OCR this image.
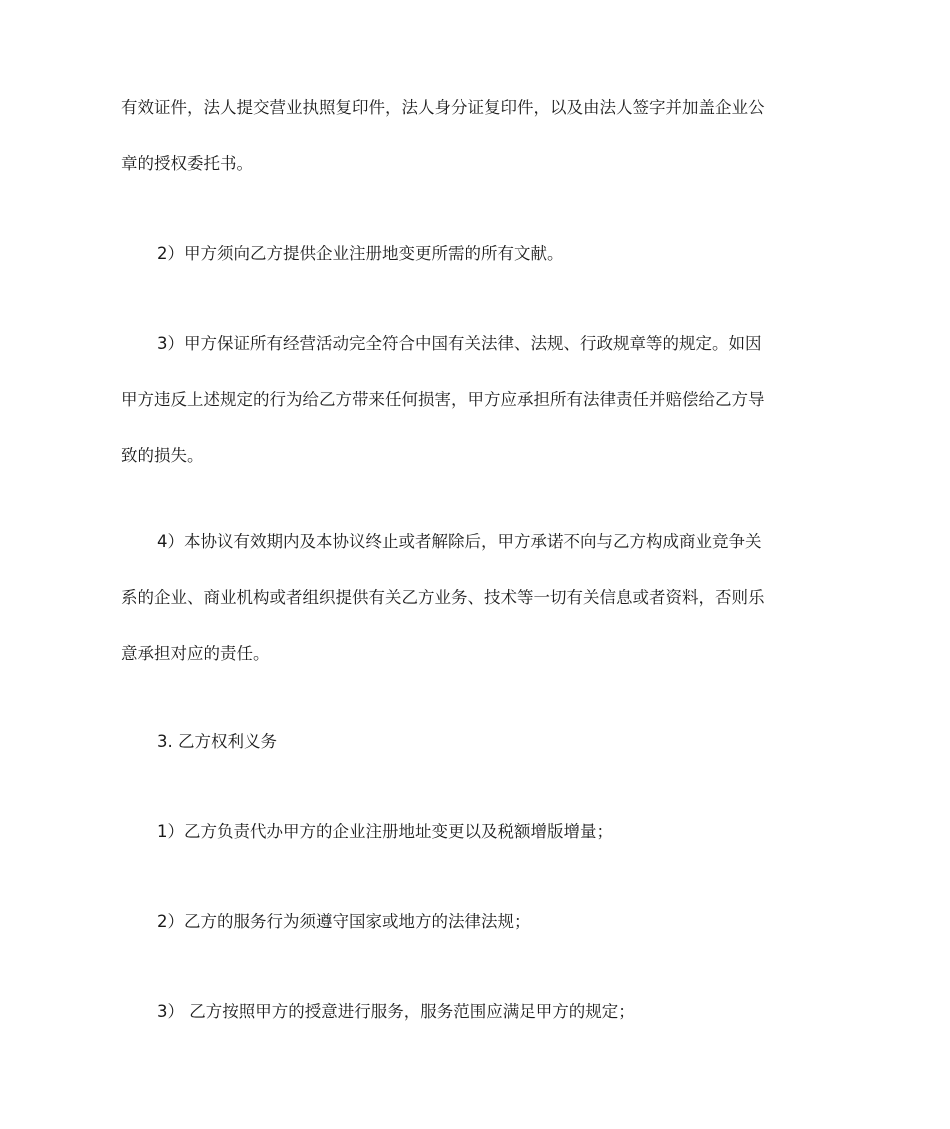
有效证件，法人提交营业执照复印件，法人身分证复印件，以及由法人签字并加盖企业公
章的授权委托书。
2）甲方须向乙方提供企业注册地变更所需的所有文献。
3）甲方保证所有经营活动完全符合中国有关法律、法规、行政规章等的规定。如因
甲方违反上述规定的行为给乙方带来任何损害，甲方应承担所有法律责任并赔偿给乙方导
致的损失。
4）本协议有效期内及本协议终止或者解除后，甲方承诺不向与乙方构成商业竞争关
系的企业、商业机构或者组织提供有关乙方业务、技术等一切有关信息或者资料，否则乐
意承担对应的责任。
3. 乙方权利义务
1）乙方负责代办甲方的企业注册地址变更以及税额增版增量；
2）乙方的服务行为须遵守国家或地方的法律法规；
3） 乙方按照甲方的授意进行服务，服务范围应满足甲方的规定；
